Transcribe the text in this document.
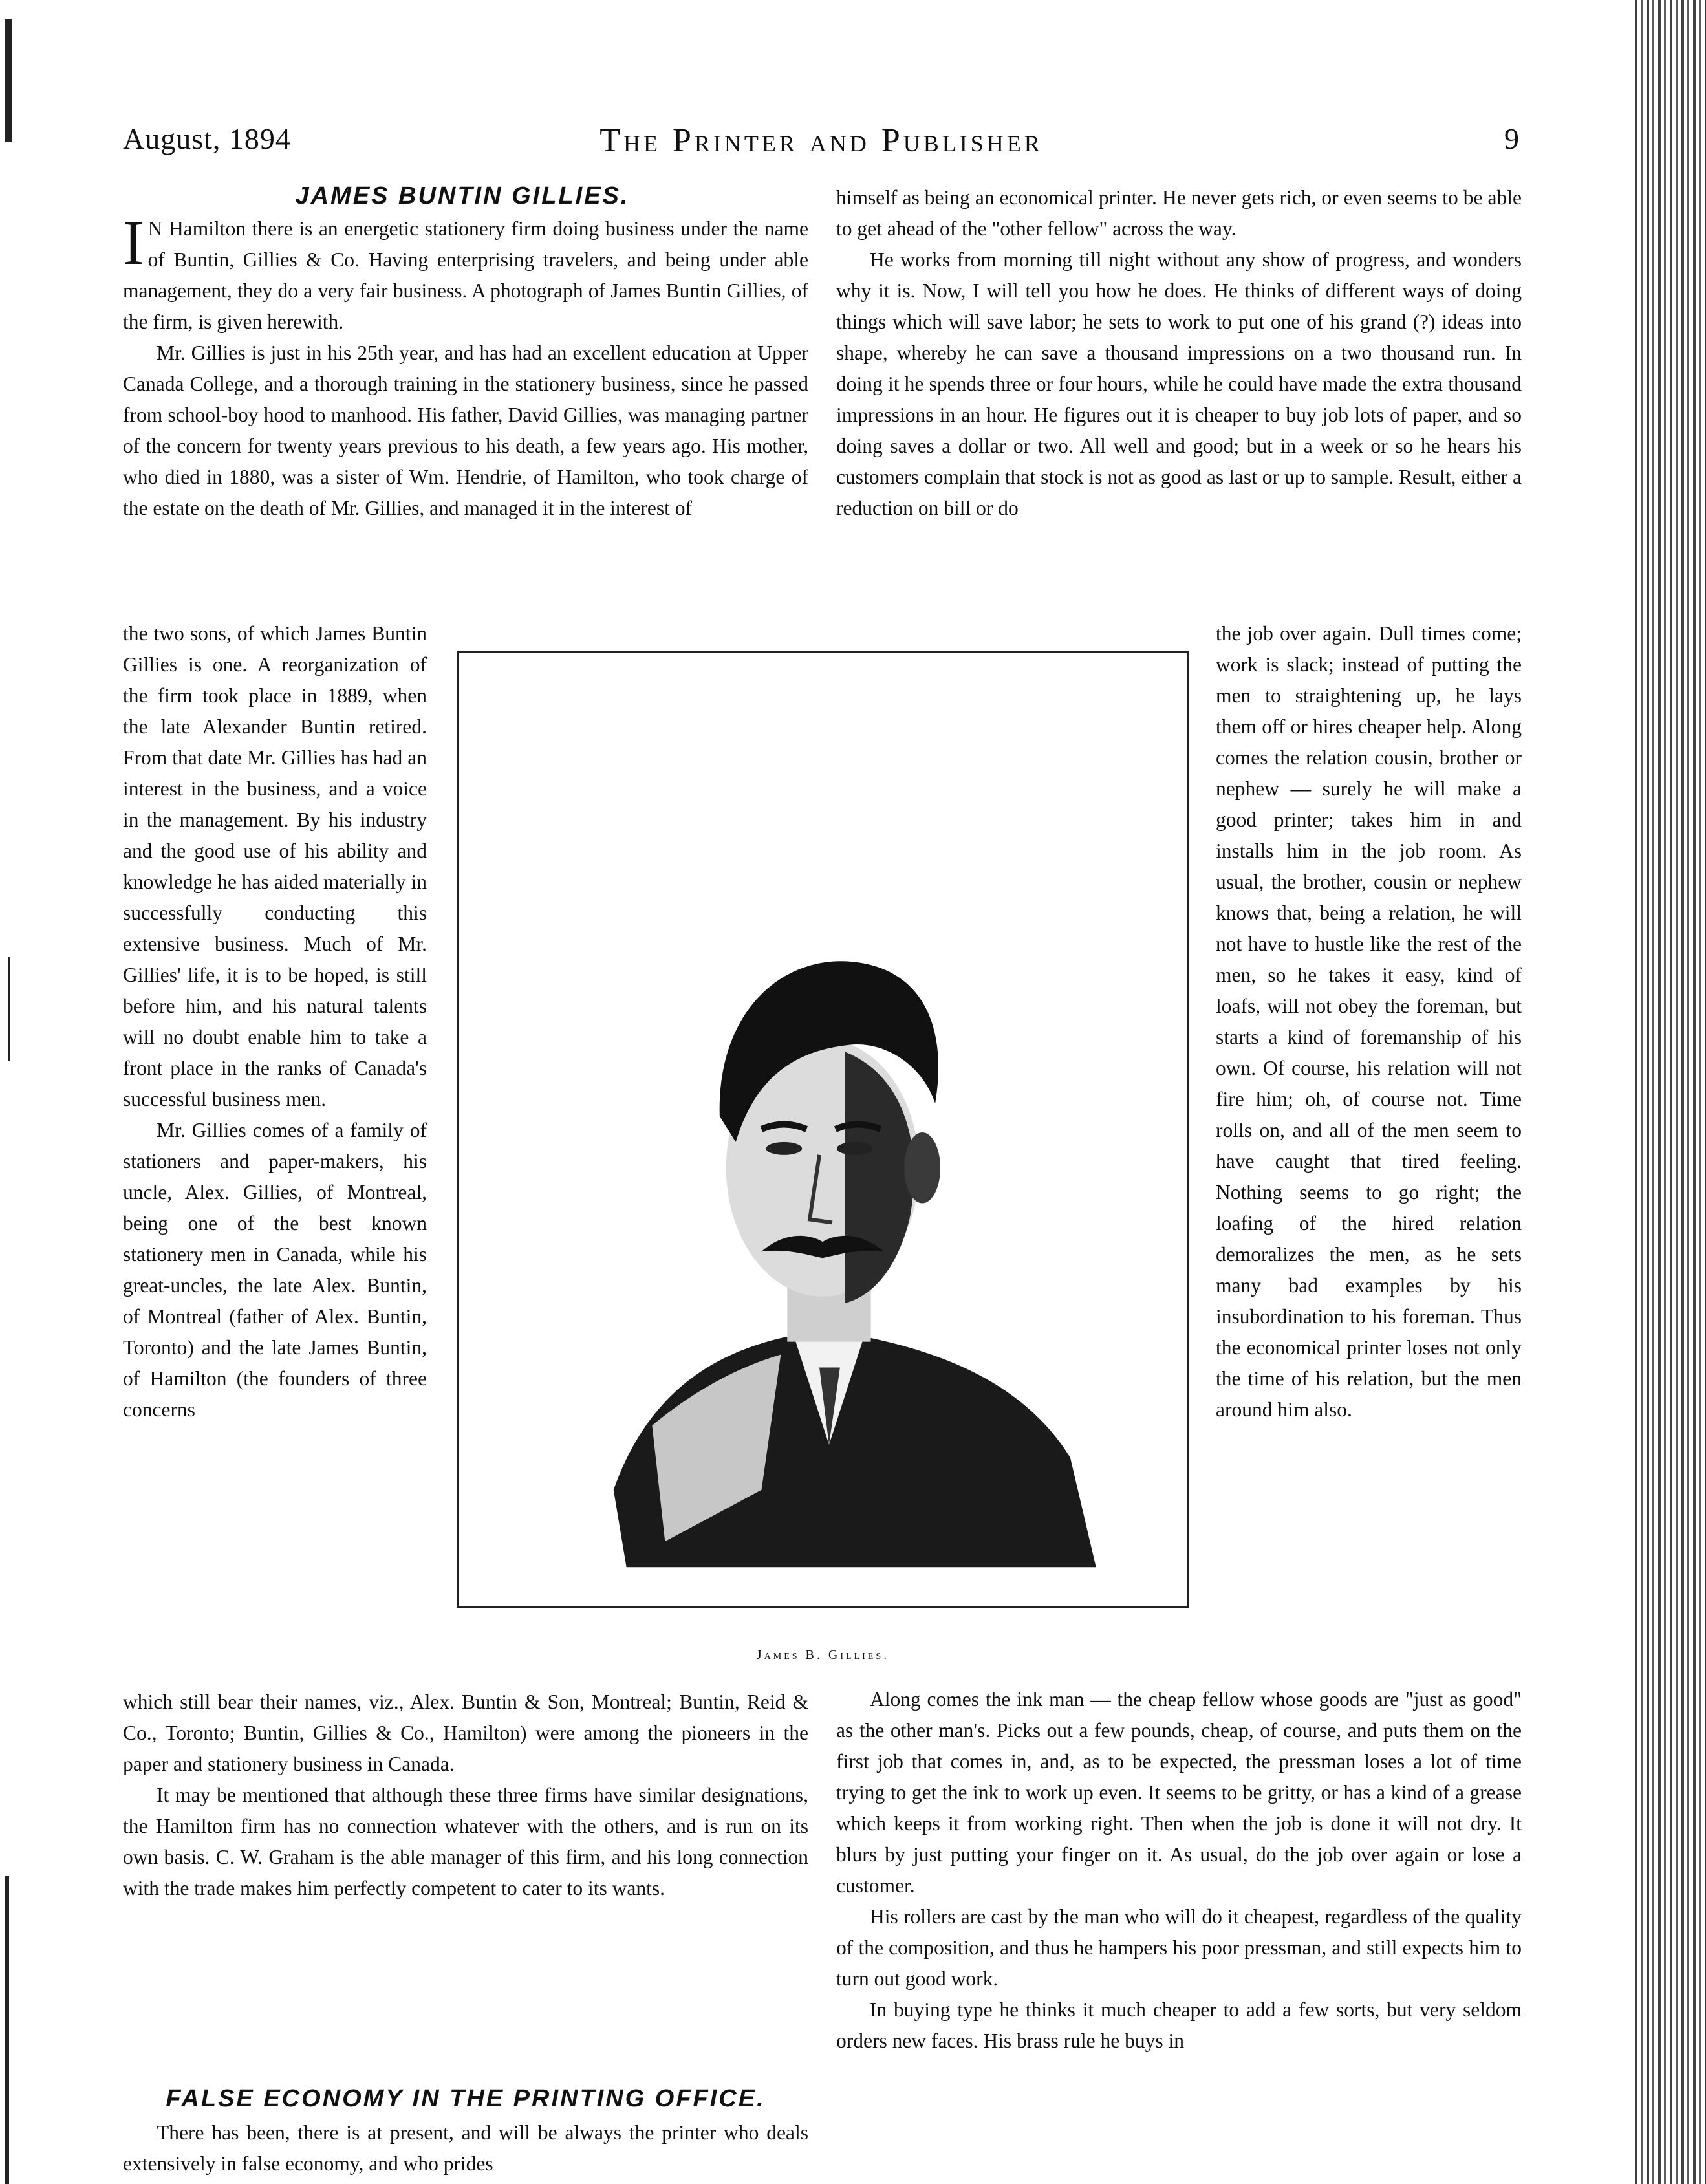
August, 1894	The Printer and Publisher	9
JAMES BUNTIN GILLIES.

I N Hamilton there is an energetic stationery firm doing business under the name of Buntin, Gillies & Co. Having enterprising travelers, and being under able management, they do a very fair business. A photograph of James Buntin Gillies, of the firm, is given herewith.

Mr. Gillies is just in his 25th year, and has had an excellent education at Upper Canada College, and a thorough training in the stationery business, since he passed from school-boy hood to manhood. His father, David Gillies, was managing partner of the concern for twenty years previous to his death, a few years ago. His mother, who died in 1880, was a sister of Wm. Hendrie, of Hamilton, who took charge of the estate on the death of Mr. Gillies, and managed it in the interest of

the two sons, of which James Buntin Gillies is one. A reorganization of the firm took place in 1889, when the late Alexander Buntin retired. From that date Mr. Gillies has had an interest in the business, and a voice in the management. By his industry and the good use of his ability and knowledge he has aided materially in successfully conducting this extensive business. Much of Mr. Gillies' life, it is to be hoped, is still before him, and his natural talents will no doubt enable him to take a front place in the ranks of Canada's successful business men.

Mr. Gillies comes of a family of stationers and paper-makers, his uncle, Alex. Gillies, of Montreal, being one of the best known stationery men in Canada, while his great-uncles, the late Alex. Buntin, of Montreal (father of Alex. Buntin, Toronto) and the late James Buntin, of Hamilton (the founders of three concerns

which still bear their names, viz., Alex. Buntin & Son, Montreal; Buntin, Reid & Co., Toronto; Buntin, Gillies & Co., Hamilton) were among the pioneers in the paper and stationery business in Canada.

It may be mentioned that although these three firms have similar designations, the Hamilton firm has no connection whatever with the others, and is run on its own basis. C. W. Graham is the able manager of this firm, and his long connection with the trade makes him perfectly competent to cater to its wants.

FALSE ECONOMY IN THE PRINTING OFFICE.

There has been, there is at present, and will be always the printer who deals extensively in false economy, and who prides

himself as being an economical printer. He never gets rich, or even seems to be able to get ahead of the "other fellow" across the way.

He works from morning till night without any show of progress, and wonders why it is. Now, I will tell you how he does. He thinks of different ways of doing things which will save labor; he sets to work to put one of his grand (?) ideas into shape, whereby he can save a thousand impressions on a two thousand run. In doing it he spends three or four hours, while he could have made the extra thousand impressions in an hour. He figures out it is cheaper to buy job lots of paper, and so doing saves a dollar or two. All well and good; but in a week or so he hears his customers complain that stock is not as good as last or up to sample. Result, either a reduction on bill or do

the job over again. Dull times come; work is slack; instead of putting the men to straightening up, he lays them off or hires cheaper help. Along comes the relation cousin, brother or nephew — surely he will make a good printer; takes him in and installs him in the job room. As usual, the brother, cousin or nephew knows that, being a relation, he will not have to hustle like the rest of the men, so he takes it easy, kind of loafs, will not obey the foreman, but starts a kind of foremanship of his own. Of course, his relation will not fire him; oh, of course not. Time rolls on, and all of the men seem to have caught that tired feeling. Nothing seems to go right; the loafing of the hired relation demoralizes the men, as he sets many bad examples by his insubordination to his foreman. Thus the economical printer loses not only the time of his relation, but the men around him also.

Along comes the ink man — the cheap fellow whose goods are "just as good" as the other man's. Picks out a few pounds, cheap, of course, and puts them on the first job that comes in, and, as to be expected, the pressman loses a lot of time trying to get the ink to work up even. It seems to be gritty, or has a kind of a grease which keeps it from working right. Then when the job is done it will not dry. It blurs by just putting your finger on it. As usual, do the job over again or lose a customer.

His rollers are cast by the man who will do it cheapest, regardless of the quality of the composition, and thus he hampers his poor pressman, and still expects him to turn out good work.

In buying type he thinks it much cheaper to add a few sorts, but very seldom orders new faces. His brass rule he buys in

James B. Gillies.
